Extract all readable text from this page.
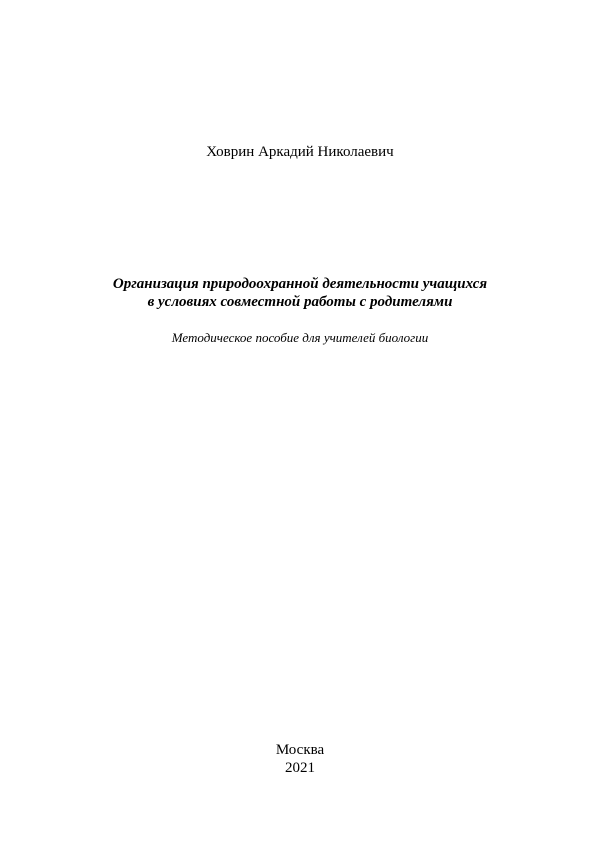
Ховрин Аркадий Николаевич
Организация природоохранной деятельности учащихся
в условиях совместной работы с родителями
Методическое пособие для учителей биологии
Москва
2021
